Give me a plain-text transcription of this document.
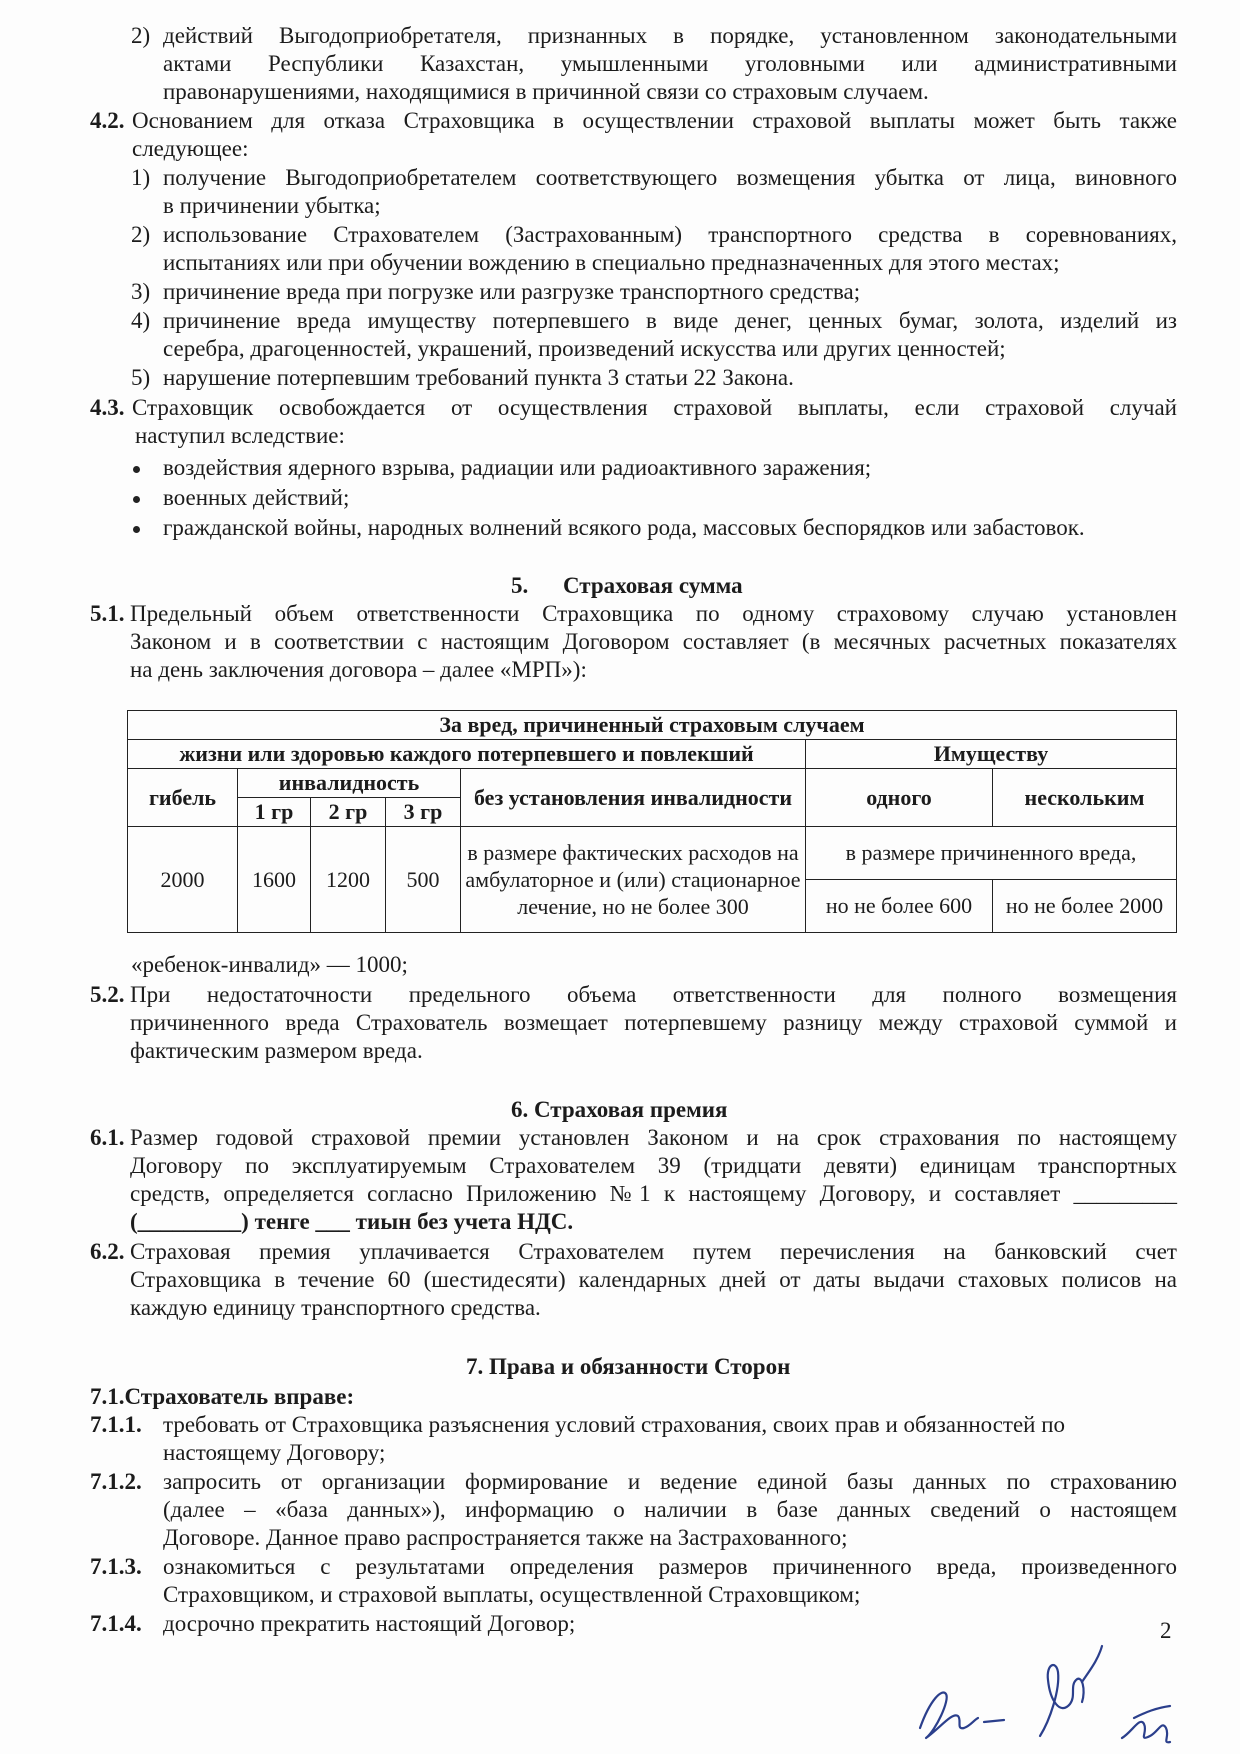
2) действий Выгодоприобретателя, признанных в порядке, установленном законодательными
актами Республики Казахстан, умышленными уголовными или административными
правонарушениями, находящимися в причинной связи со страховым случаем.
4.2. Основанием для отказа Страховщика в осуществлении страховой выплаты может быть также
следующее:
1) получение Выгодоприобретателем соответствующего возмещения убытка от лица, виновного
в причинении убытка;
2) использование Страхователем (Застрахованным) транспортного средства в соревнованиях,
испытаниях или при обучении вождению в специально предназначенных для этого местах;
3) причинение вреда при погрузке или разгрузке транспортного средства;
4) причинение вреда имуществу потерпевшего в виде денег, ценных бумаг, золота, изделий из
серебра, драгоценностей, украшений, произведений искусства или других ценностей;
5) нарушение потерпевшим требований пункта 3 статьи 22 Закона.
4.3. Страховщик освобождается от осуществления страховой выплаты, если страховой случай
наступил вследствие:
воздействия ядерного взрыва, радиации или радиоактивного заражения;
военных действий;
гражданской войны, народных волнений всякого рода, массовых беспорядков или забастовок.
5. Страховая сумма
5.1. Предельный объем ответственности Страховщика по одному страховому случаю установлен
Законом и в соответствии с настоящим Договором составляет (в месячных расчетных показателях
на день заключения договора – далее «МРП»):
За вред, причиненный страховым случаем						
жизни или здоровью каждого потерпевшего и повлекший					Имуществу	
гибель	инвалидность			без установления инвалидности	одного	нескольким
	1 гр	2 гр	3 гр			
2000	1600	1200	500	в размере фактических расходов на амбулаторное и (или) стационарное лечение, но не более 300	в размере причиненного вреда,	
					но не более 600	но не более 2000
«ребенок-инвалид» — 1000;
5.2. При недостаточности предельного объема ответственности для полного возмещения
причиненного вреда Страхователь возмещает потерпевшему разницу между страховой суммой и
фактическим размером вреда.
6. Страховая премия
6.1. Размер годовой страховой премии установлен Законом и на срок страхования по настоящему
Договору по эксплуатируемым Страхователем 39 (тридцати девяти) единицам транспортных
средств, определяется согласно Приложению №1 к настоящему Договору, и составляет _________
(_________) тенге ___ тиын без учета НДС.
6.2. Страховая премия уплачивается Страхователем путем перечисления на банковский счет
Страховщика в течение 60 (шестидесяти) календарных дней от даты выдачи стаховых полисов на
каждую единицу транспортного средства.
7. Права и обязанности Сторон
7.1.Страхователь вправе:
7.1.1. требовать от Страховщика разъяснения условий страхования, своих прав и обязанностей по
настоящему Договору;
7.1.2. запросить от организации формирование и ведение единой базы данных по страхованию
(далее – «база данных»), информацию о наличии в базе данных сведений о настоящем
Договоре. Данное право распространяется также на Застрахованного;
7.1.3. ознакомиться с результатами определения размеров причиненного вреда, произведенного
Страховщиком, и страховой выплаты, осуществленной Страховщиком;
7.1.4. досрочно прекратить настоящий Договор;	2
